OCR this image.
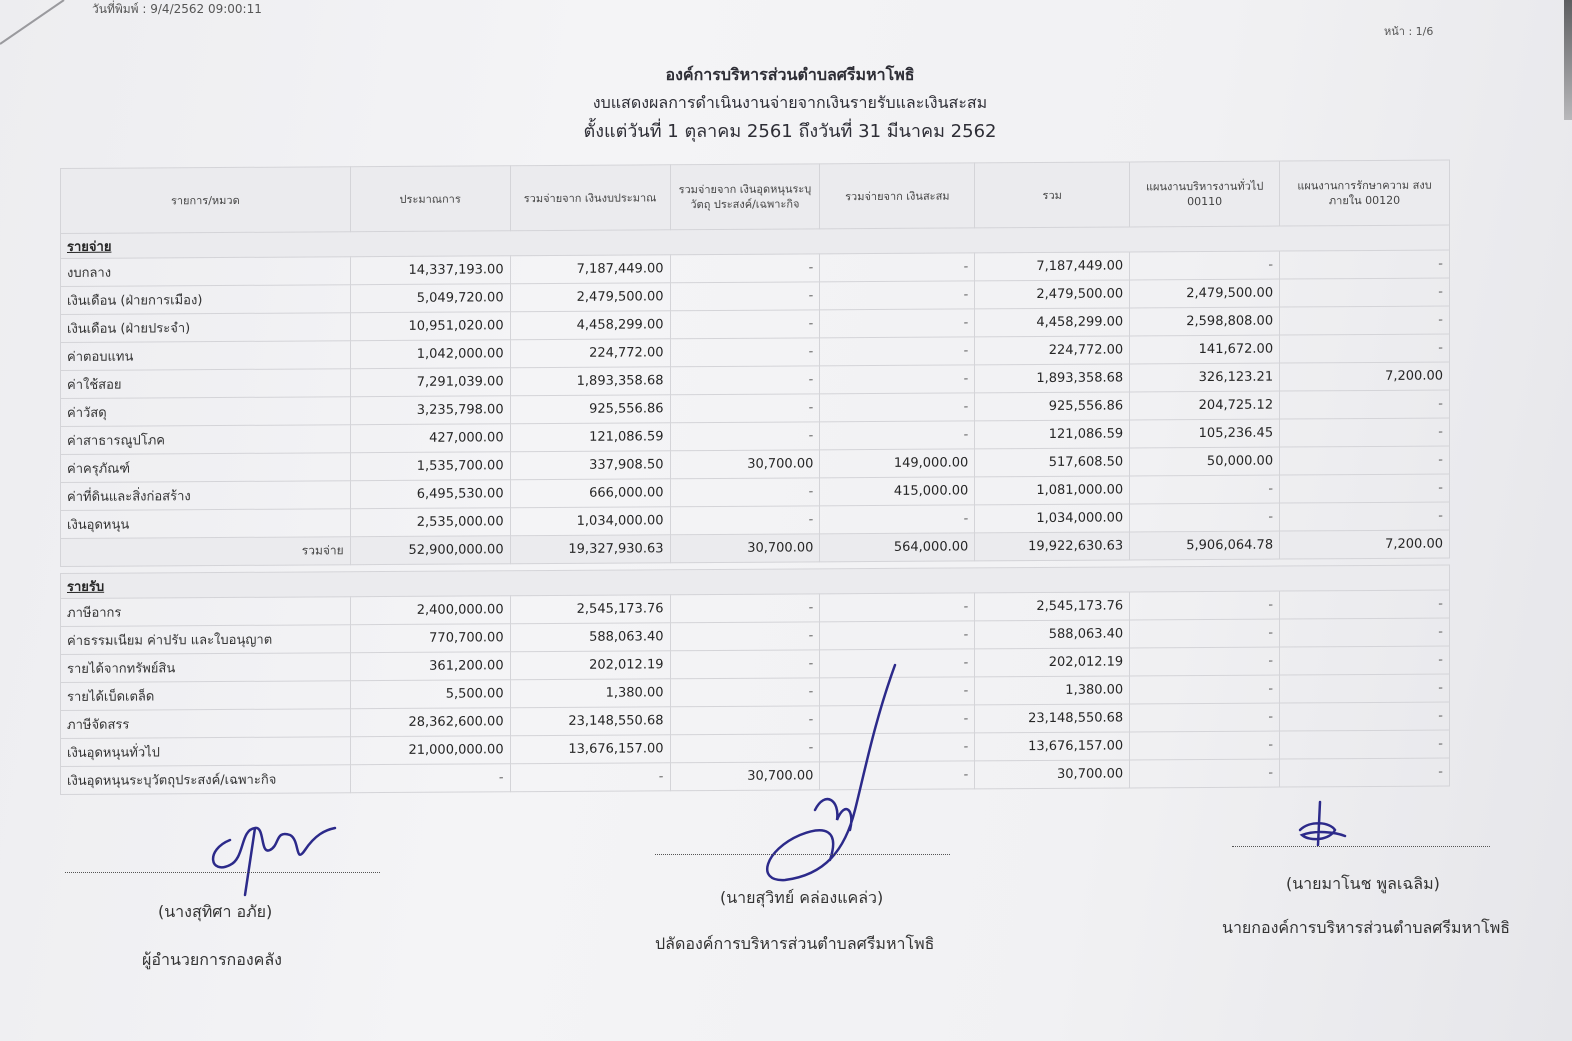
วันที่พิมพ์ : 9/4/2562 09:00:11
หน้า : 1/6
องค์การบริหารส่วนตำบลศรีมหาโพธิ
งบแสดงผลการดำเนินงานจ่ายจากเงินรายรับและเงินสะสม
ตั้งแต่วันที่ 1 ตุลาคม 2561 ถึงวันที่ 31 มีนาคม 2562
รายการ/หมวด	ประมาณการ	รวมจ่ายจาก เงินงบประมาณ	รวมจ่ายจาก เงินอุดหนุนระบุวัตถุ ประสงค์/เฉพาะกิจ	รวมจ่ายจาก เงินสะสม	รวม	แผนงานบริหารงานทั่วไป 00110	แผนงานการรักษาความ สงบภายใน 00120
รายจ่าย							
งบกลาง	14,337,193.00	7,187,449.00	-	-	7,187,449.00	-	-
เงินเดือน (ฝ่ายการเมือง)	5,049,720.00	2,479,500.00	-	-	2,479,500.00	2,479,500.00	-
เงินเดือน (ฝ่ายประจำ)	10,951,020.00	4,458,299.00	-	-	4,458,299.00	2,598,808.00	-
ค่าตอบแทน	1,042,000.00	224,772.00	-	-	224,772.00	141,672.00	-
ค่าใช้สอย	7,291,039.00	1,893,358.68	-	-	1,893,358.68	326,123.21	7,200.00
ค่าวัสดุ	3,235,798.00	925,556.86	-	-	925,556.86	204,725.12	-
ค่าสาธารณูปโภค	427,000.00	121,086.59	-	-	121,086.59	105,236.45	-
ค่าครุภัณฑ์	1,535,700.00	337,908.50	30,700.00	149,000.00	517,608.50	50,000.00	-
ค่าที่ดินและสิ่งก่อสร้าง	6,495,530.00	666,000.00	-	415,000.00	1,081,000.00	-	-
เงินอุดหนุน	2,535,000.00	1,034,000.00	-	-	1,034,000.00	-	-
รวมจ่าย	52,900,000.00	19,327,930.63	30,700.00	564,000.00	19,922,630.63	5,906,064.78	7,200.00

รายรับ							
ภาษีอากร	2,400,000.00	2,545,173.76	-	-	2,545,173.76	-	-
ค่าธรรมเนียม ค่าปรับ และใบอนุญาต	770,700.00	588,063.40	-	-	588,063.40	-	-
รายได้จากทรัพย์สิน	361,200.00	202,012.19	-	-	202,012.19	-	-
รายได้เบ็ดเตล็ด	5,500.00	1,380.00	-	-	1,380.00	-	-
ภาษีจัดสรร	28,362,600.00	23,148,550.68	-	-	23,148,550.68	-	-
เงินอุดหนุนทั่วไป	21,000,000.00	13,676,157.00	-	-	13,676,157.00	-	-
เงินอุดหนุนระบุวัตถุประสงค์/เฉพาะกิจ	-	-	30,700.00	-	30,700.00	-	-
(นางสุทิศา อภัย)
ผู้อำนวยการกองคลัง
(นายสุวิทย์ คล่องแคล่ว)
ปลัดองค์การบริหารส่วนตำบลศรีมหาโพธิ
(นายมาโนช พูลเฉลิม)
นายกองค์การบริหารส่วนตำบลศรีมหาโพธิ
